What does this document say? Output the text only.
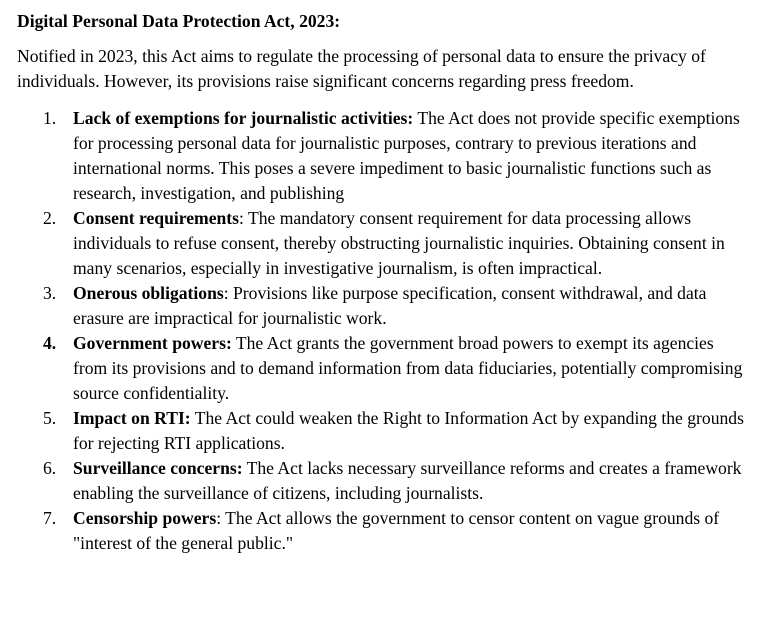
Digital Personal Data Protection Act, 2023:
Notified in 2023, this Act aims to regulate the processing of personal data to ensure the privacy of individuals. However, its provisions raise significant concerns regarding press freedom.
1. Lack of exemptions for journalistic activities: The Act does not provide specific exemptions for processing personal data for journalistic purposes, contrary to previous iterations and international norms. This poses a severe impediment to basic journalistic functions such as research, investigation, and publishing
2. Consent requirements: The mandatory consent requirement for data processing allows individuals to refuse consent, thereby obstructing journalistic inquiries. Obtaining consent in many scenarios, especially in investigative journalism, is often impractical.
3. Onerous obligations: Provisions like purpose specification, consent withdrawal, and data erasure are impractical for journalistic work.
4. Government powers: The Act grants the government broad powers to exempt its agencies from its provisions and to demand information from data fiduciaries, potentially compromising source confidentiality.
5. Impact on RTI: The Act could weaken the Right to Information Act by expanding the grounds for rejecting RTI applications.
6. Surveillance concerns: The Act lacks necessary surveillance reforms and creates a framework enabling the surveillance of citizens, including journalists.
7. Censorship powers: The Act allows the government to censor content on vague grounds of "interest of the general public."
